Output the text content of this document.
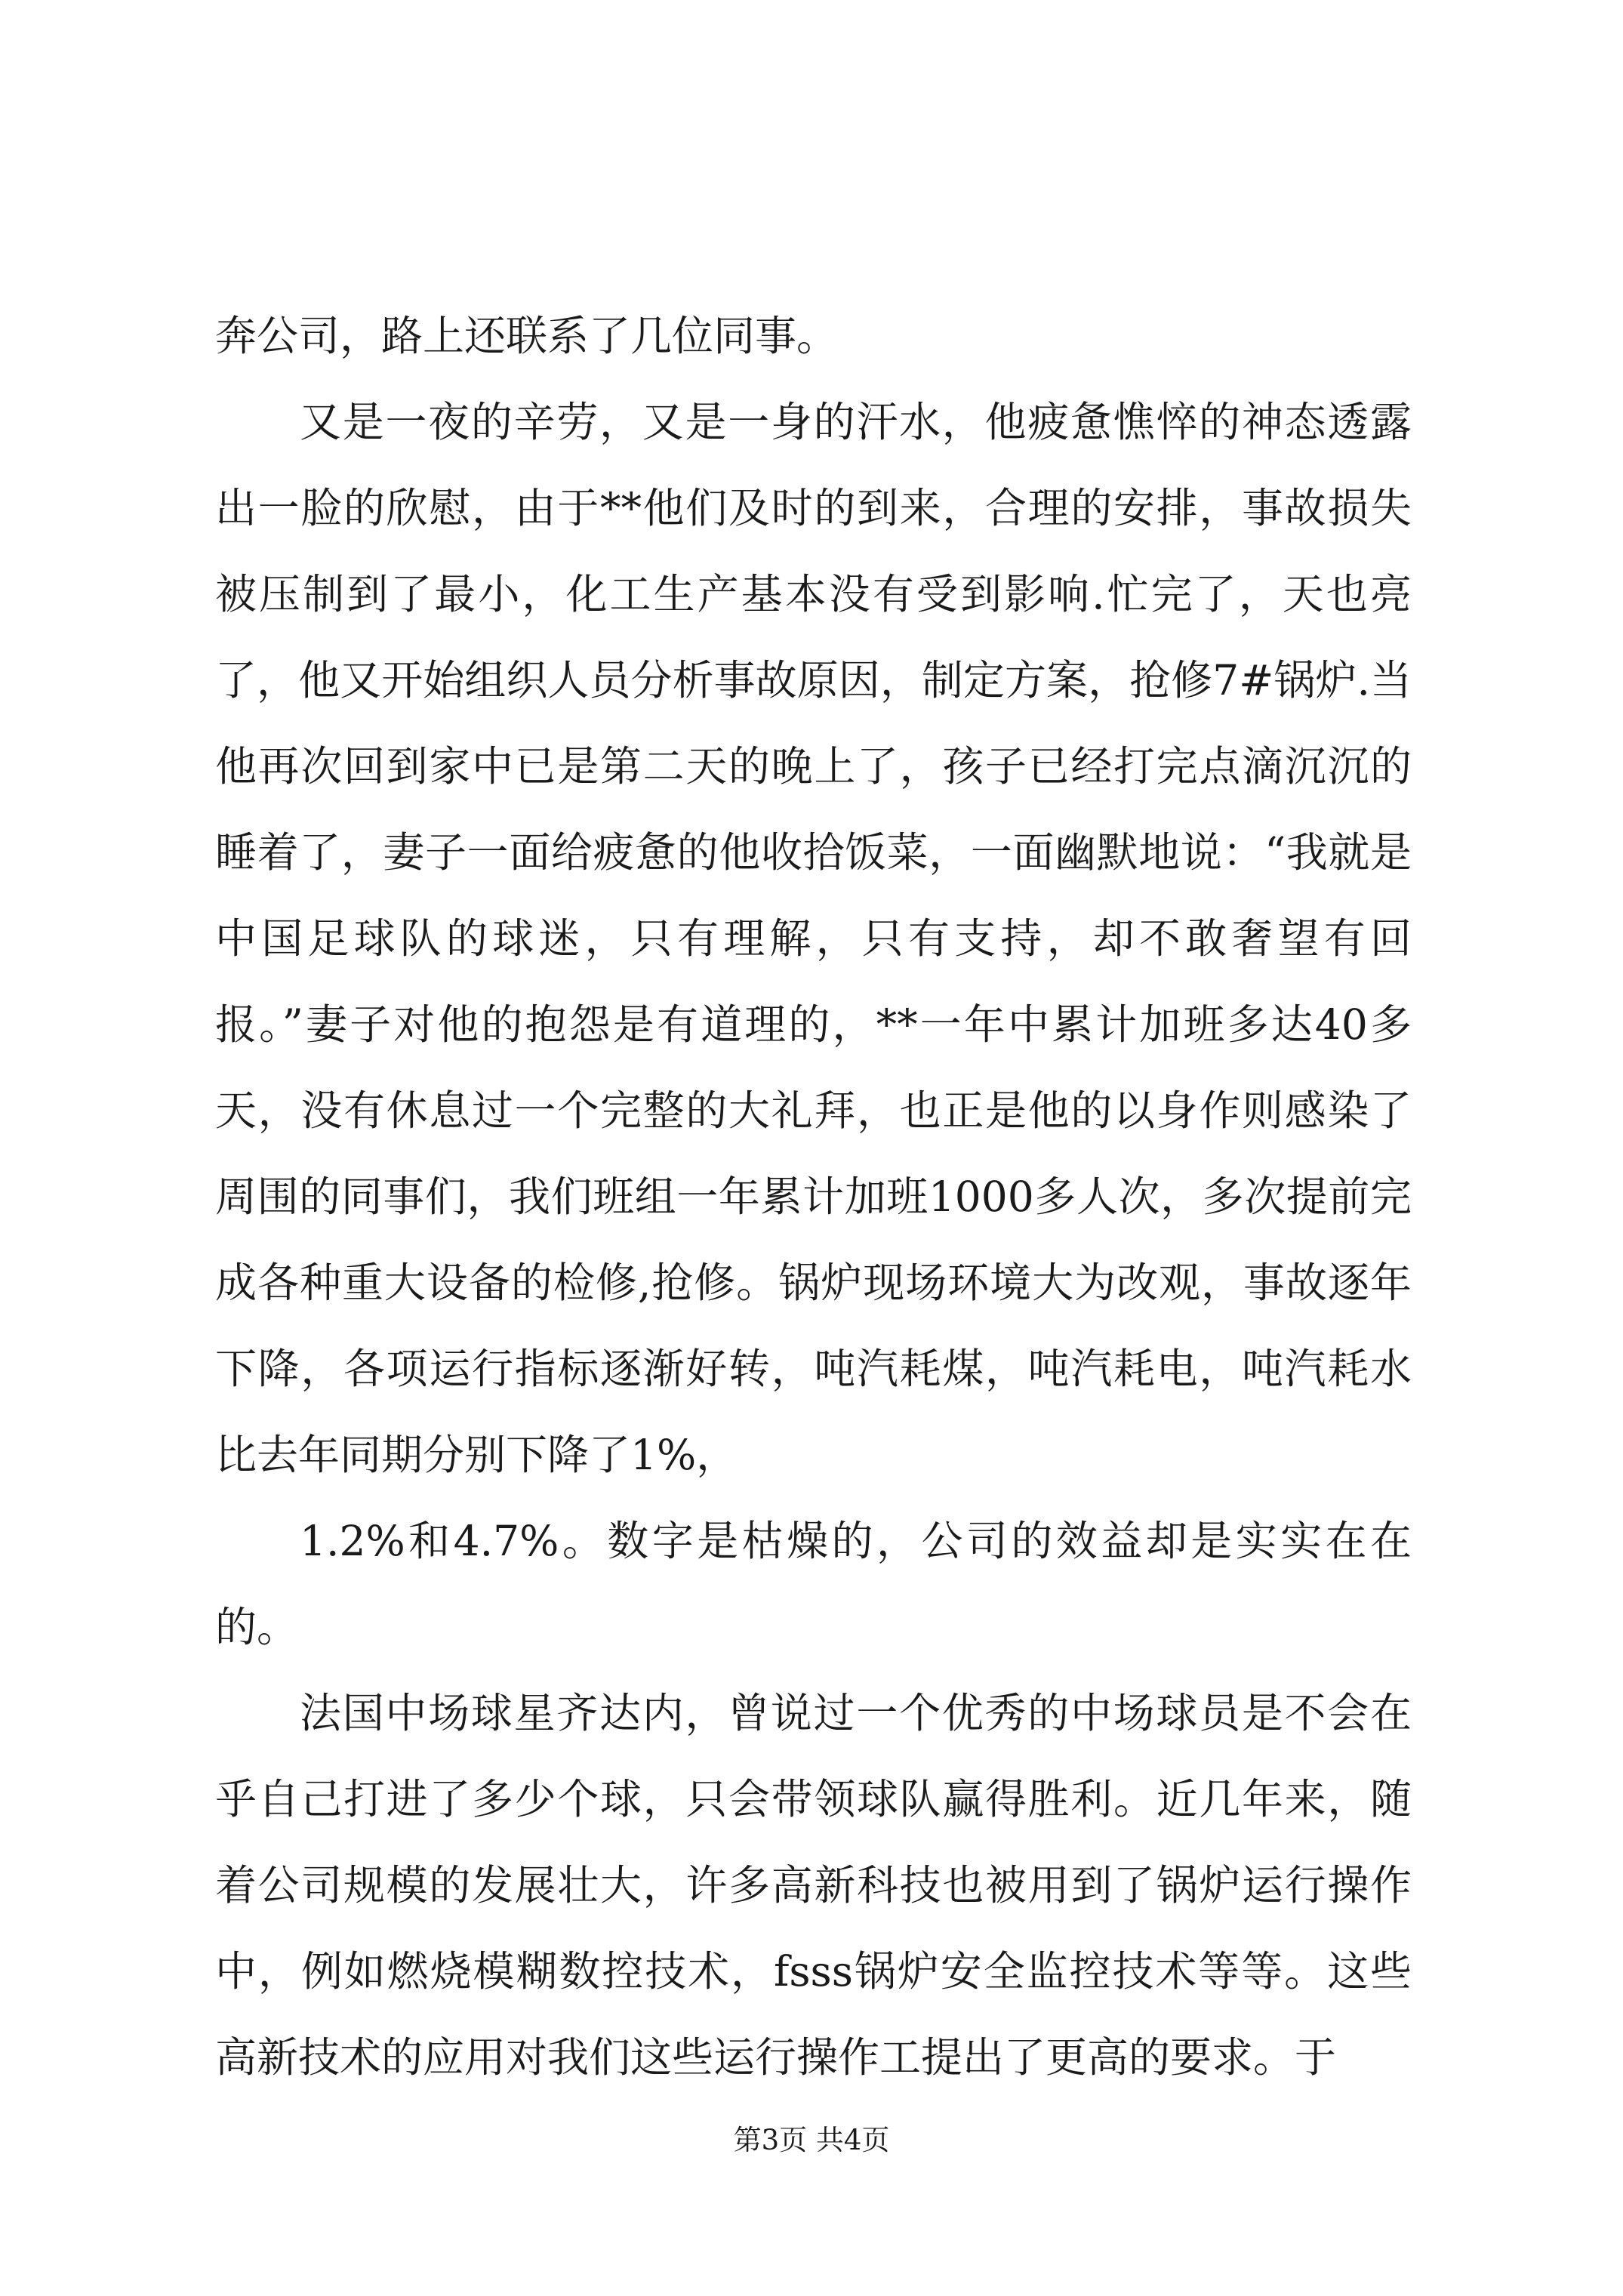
奔公司，路上还联系了几位同事。

又是一夜的辛劳，又是一身的汗水，他疲惫憔悴的神态透露出一脸的欣慰，由于**他们及时的到来，合理的安排，事故损失被压制到了最小，化工生产基本没有受到影响.忙完了，天也亮了，他又开始组织人员分析事故原因，制定方案，抢修7#锅炉.当他再次回到家中已是第二天的晚上了，孩子已经打完点滴沉沉的睡着了，妻子一面给疲惫的他收拾饭菜，一面幽默地说：“我就是中国足球队的球迷，只有理解，只有支持，却不敢奢望有回报。”妻子对他的抱怨是有道理的，**一年中累计加班多达40多天，没有休息过一个完整的大礼拜，也正是他的以身作则感染了周围的同事们，我们班组一年累计加班1000多人次，多次提前完成各种重大设备的检修,抢修。锅炉现场环境大为改观，事故逐年下降，各项运行指标逐渐好转，吨汽耗煤，吨汽耗电，吨汽耗水比去年同期分别下降了1%，

1.2%和4.7%。数字是枯燥的，公司的效益却是实实在在的。

法国中场球星齐达内，曾说过一个优秀的中场球员是不会在乎自己打进了多少个球，只会带领球队赢得胜利。近几年来，随着公司规模的发展壮大，许多高新科技也被用到了锅炉运行操作中，例如燃烧模糊数控技术，fsss锅炉安全监控技术等等。这些高新技术的应用对我们这些运行操作工提出了更高的要求。于

第3页 共4页
